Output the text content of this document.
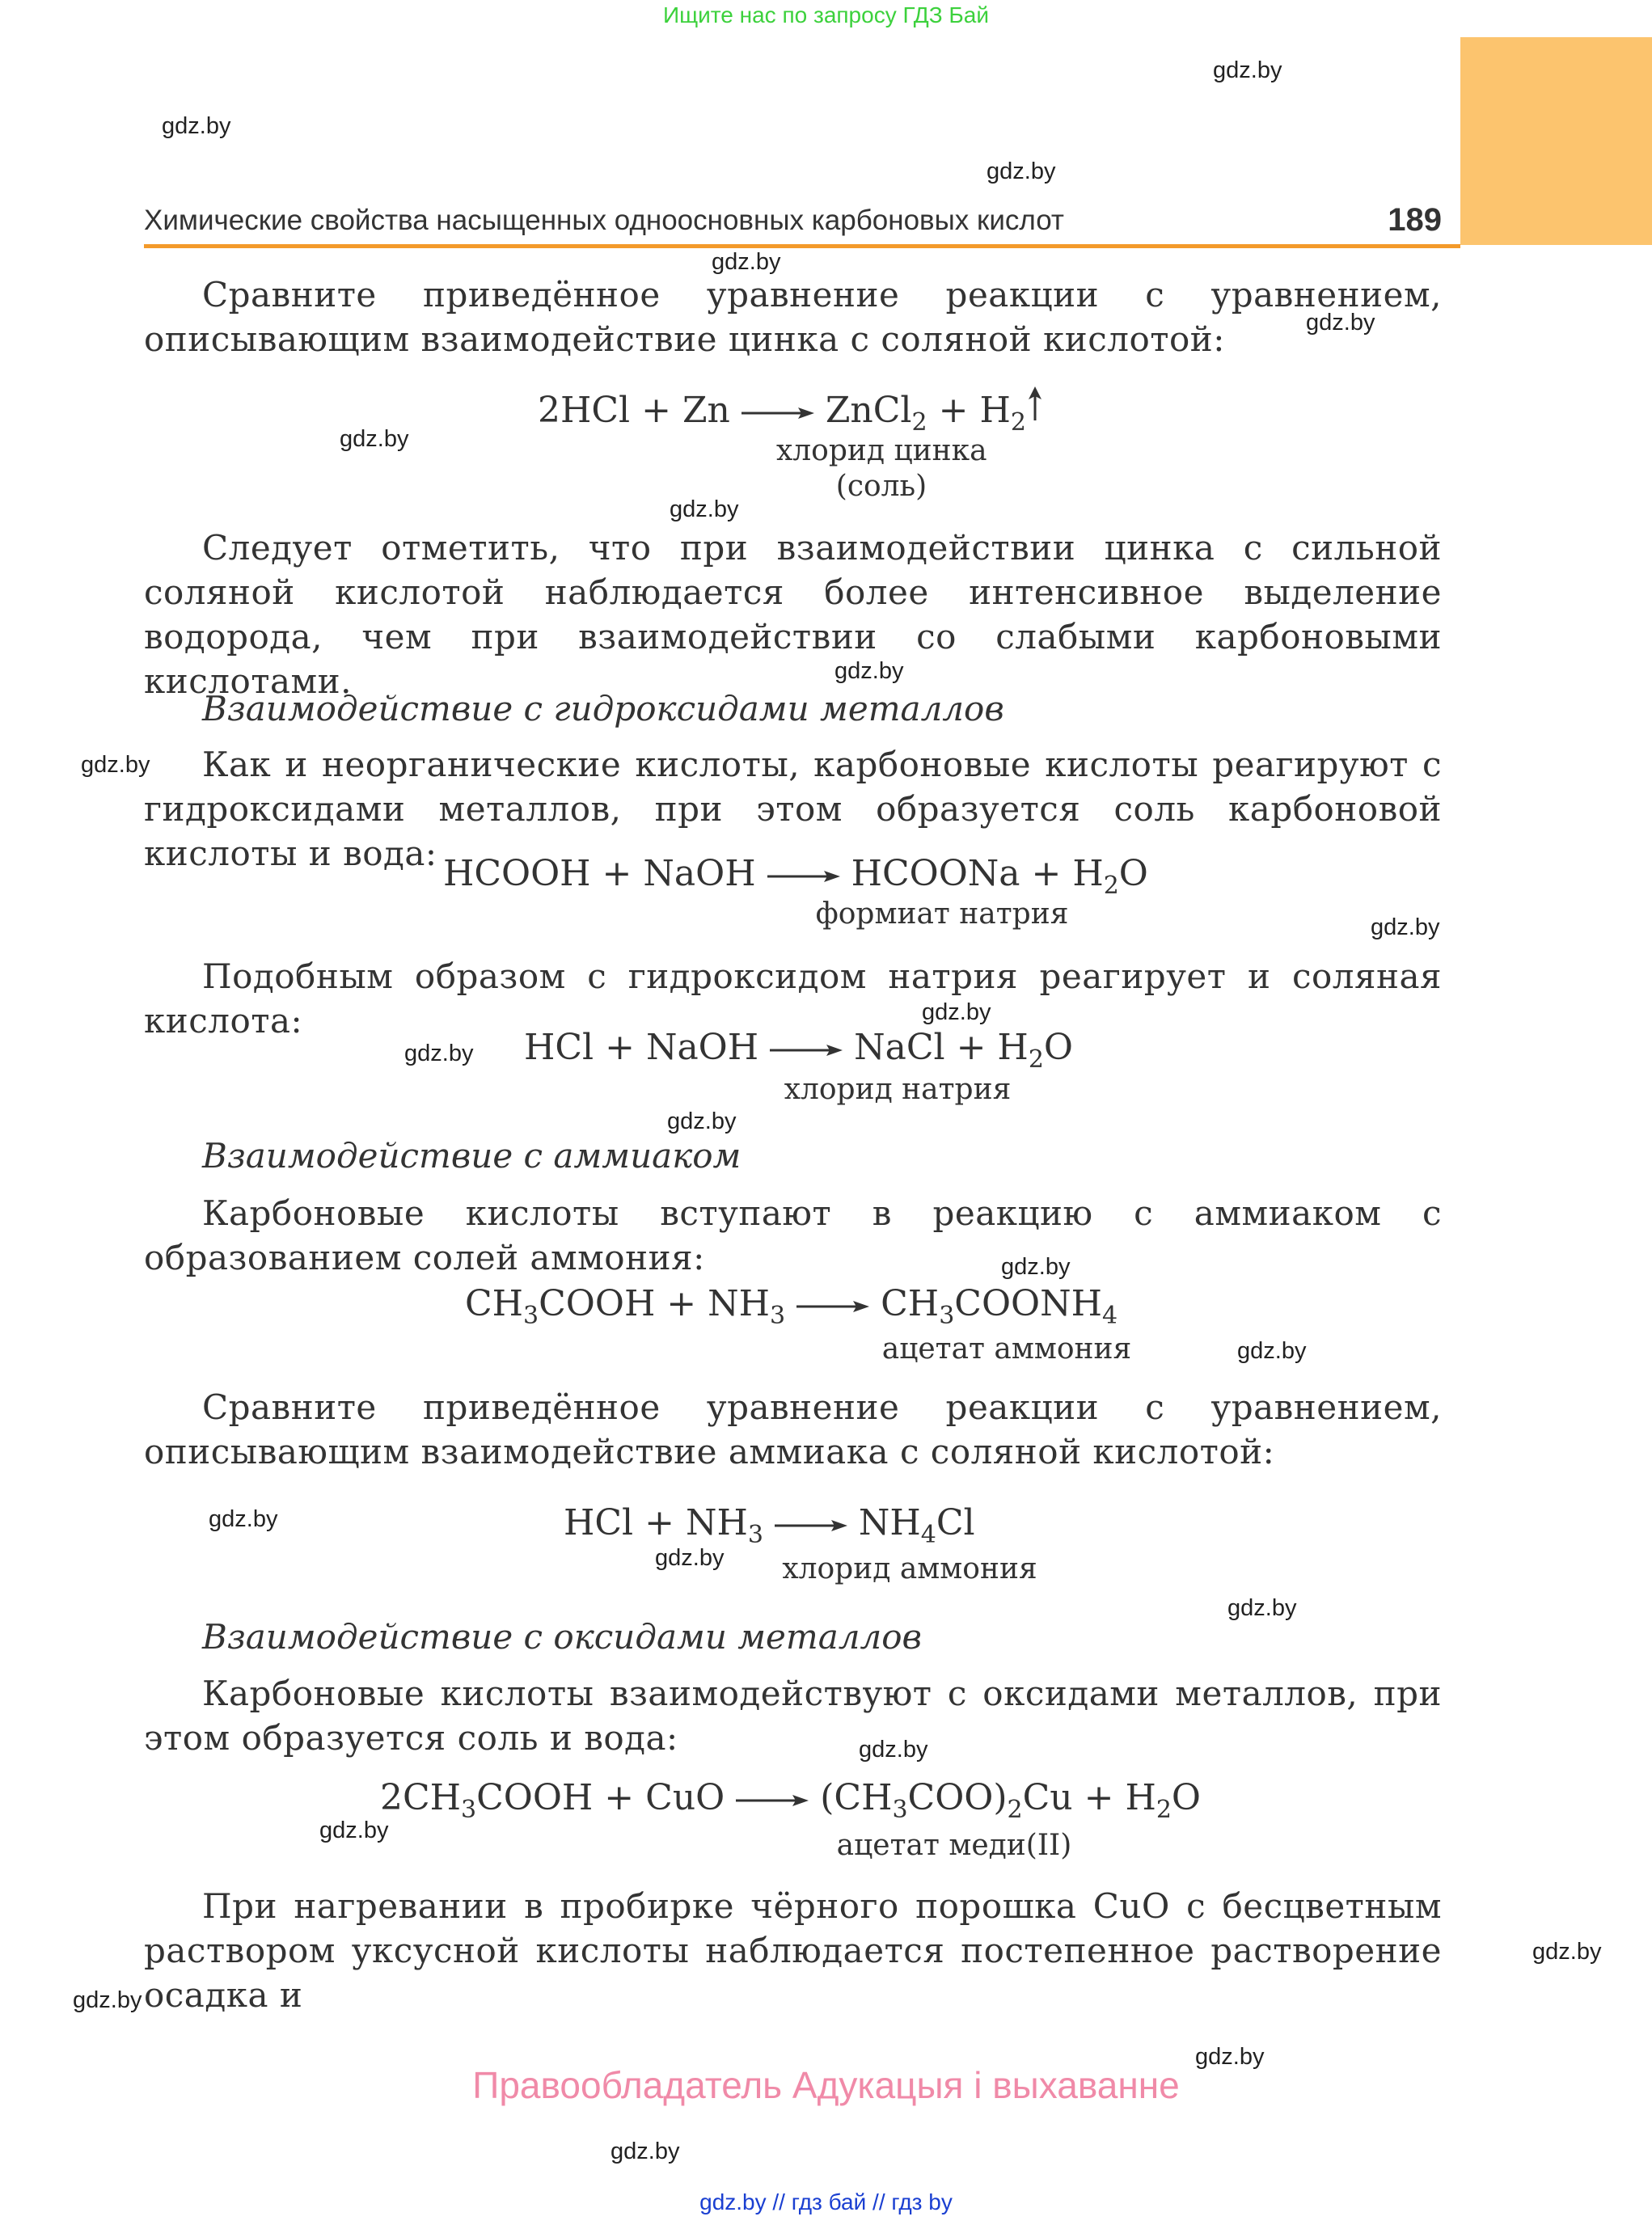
Ищите нас по запросу ГДЗ Бай
Химические свойства насыщенных одноосновных карбоновых кислот	189
Сравните приведённое уравнение реакции с уравнением, описывающим взаимодействие цинка с соляной кислотой:
2HCl + Zn → ZnCl$_2$ + $H_2$
хлорид цинка
(соль)
Следует отметить, что при взаимодействии цинка с сильной соляной кислотой наблюдается более интенсивное выделение водорода, чем при взаимодействии со слабыми карбоновыми кислотами.
Взаимодействие с гидроксидами металлов
Как и неорганические кислоты, карбоновые кислоты реагируют с гидроксидами металлов, при этом образуется соль карбоновой кислоты и вода: HCOOH + NaOH → HCOONa + $H_2O$
формиат натрия
Подобным образом с гидроксидом натрия реагирует и соляная кислота:
HCl + NaOH → NaCl + $H_2O$
хлорид натрия
Взаимодействие с аммиаком
Карбоновые кислоты вступают в реакцию с аммиаком с образованием солей аммония:
$CH_3COOH + NH_3$ → $CH_3COONH_4$
ацетат аммония
Сравните приведённое уравнение реакции с уравнением, описывающим взаимодействие аммиака с соляной кислотой:
HCl + $NH_3 \to NH_4Cl$
хлорид аммония
Взаимодействие с оксидами металлов
Карбоновые кислоты взаимодействуют с оксидами металлов, при этом образуется соль и вода:
$2CH_3COOH$ + CuO → $(CH_3COO)_2Cu + H_2O$
ацетат меди(II)
При нагревании в пробирке чёрного порошка CuO с бесцветным раствором уксусной кислоты наблюдается постепенное растворение осадка и
Правообладатель Адукацыя і выхаванне
gdz.by // гдз бай // гдз by
gdz.by
gdz.by
gdz.by
gdz.by
gdz.by
gdz.by
gdz.by
gdz.by
gdz.by
gdz.by
gdz.by
gdz.by
gdz.by
gdz.by
gdz.by
gdz.by
gdz.by
gdz.by
gdz.by
gdz.by
gdz.by
gdz.by
gdz.by
gdz.by
